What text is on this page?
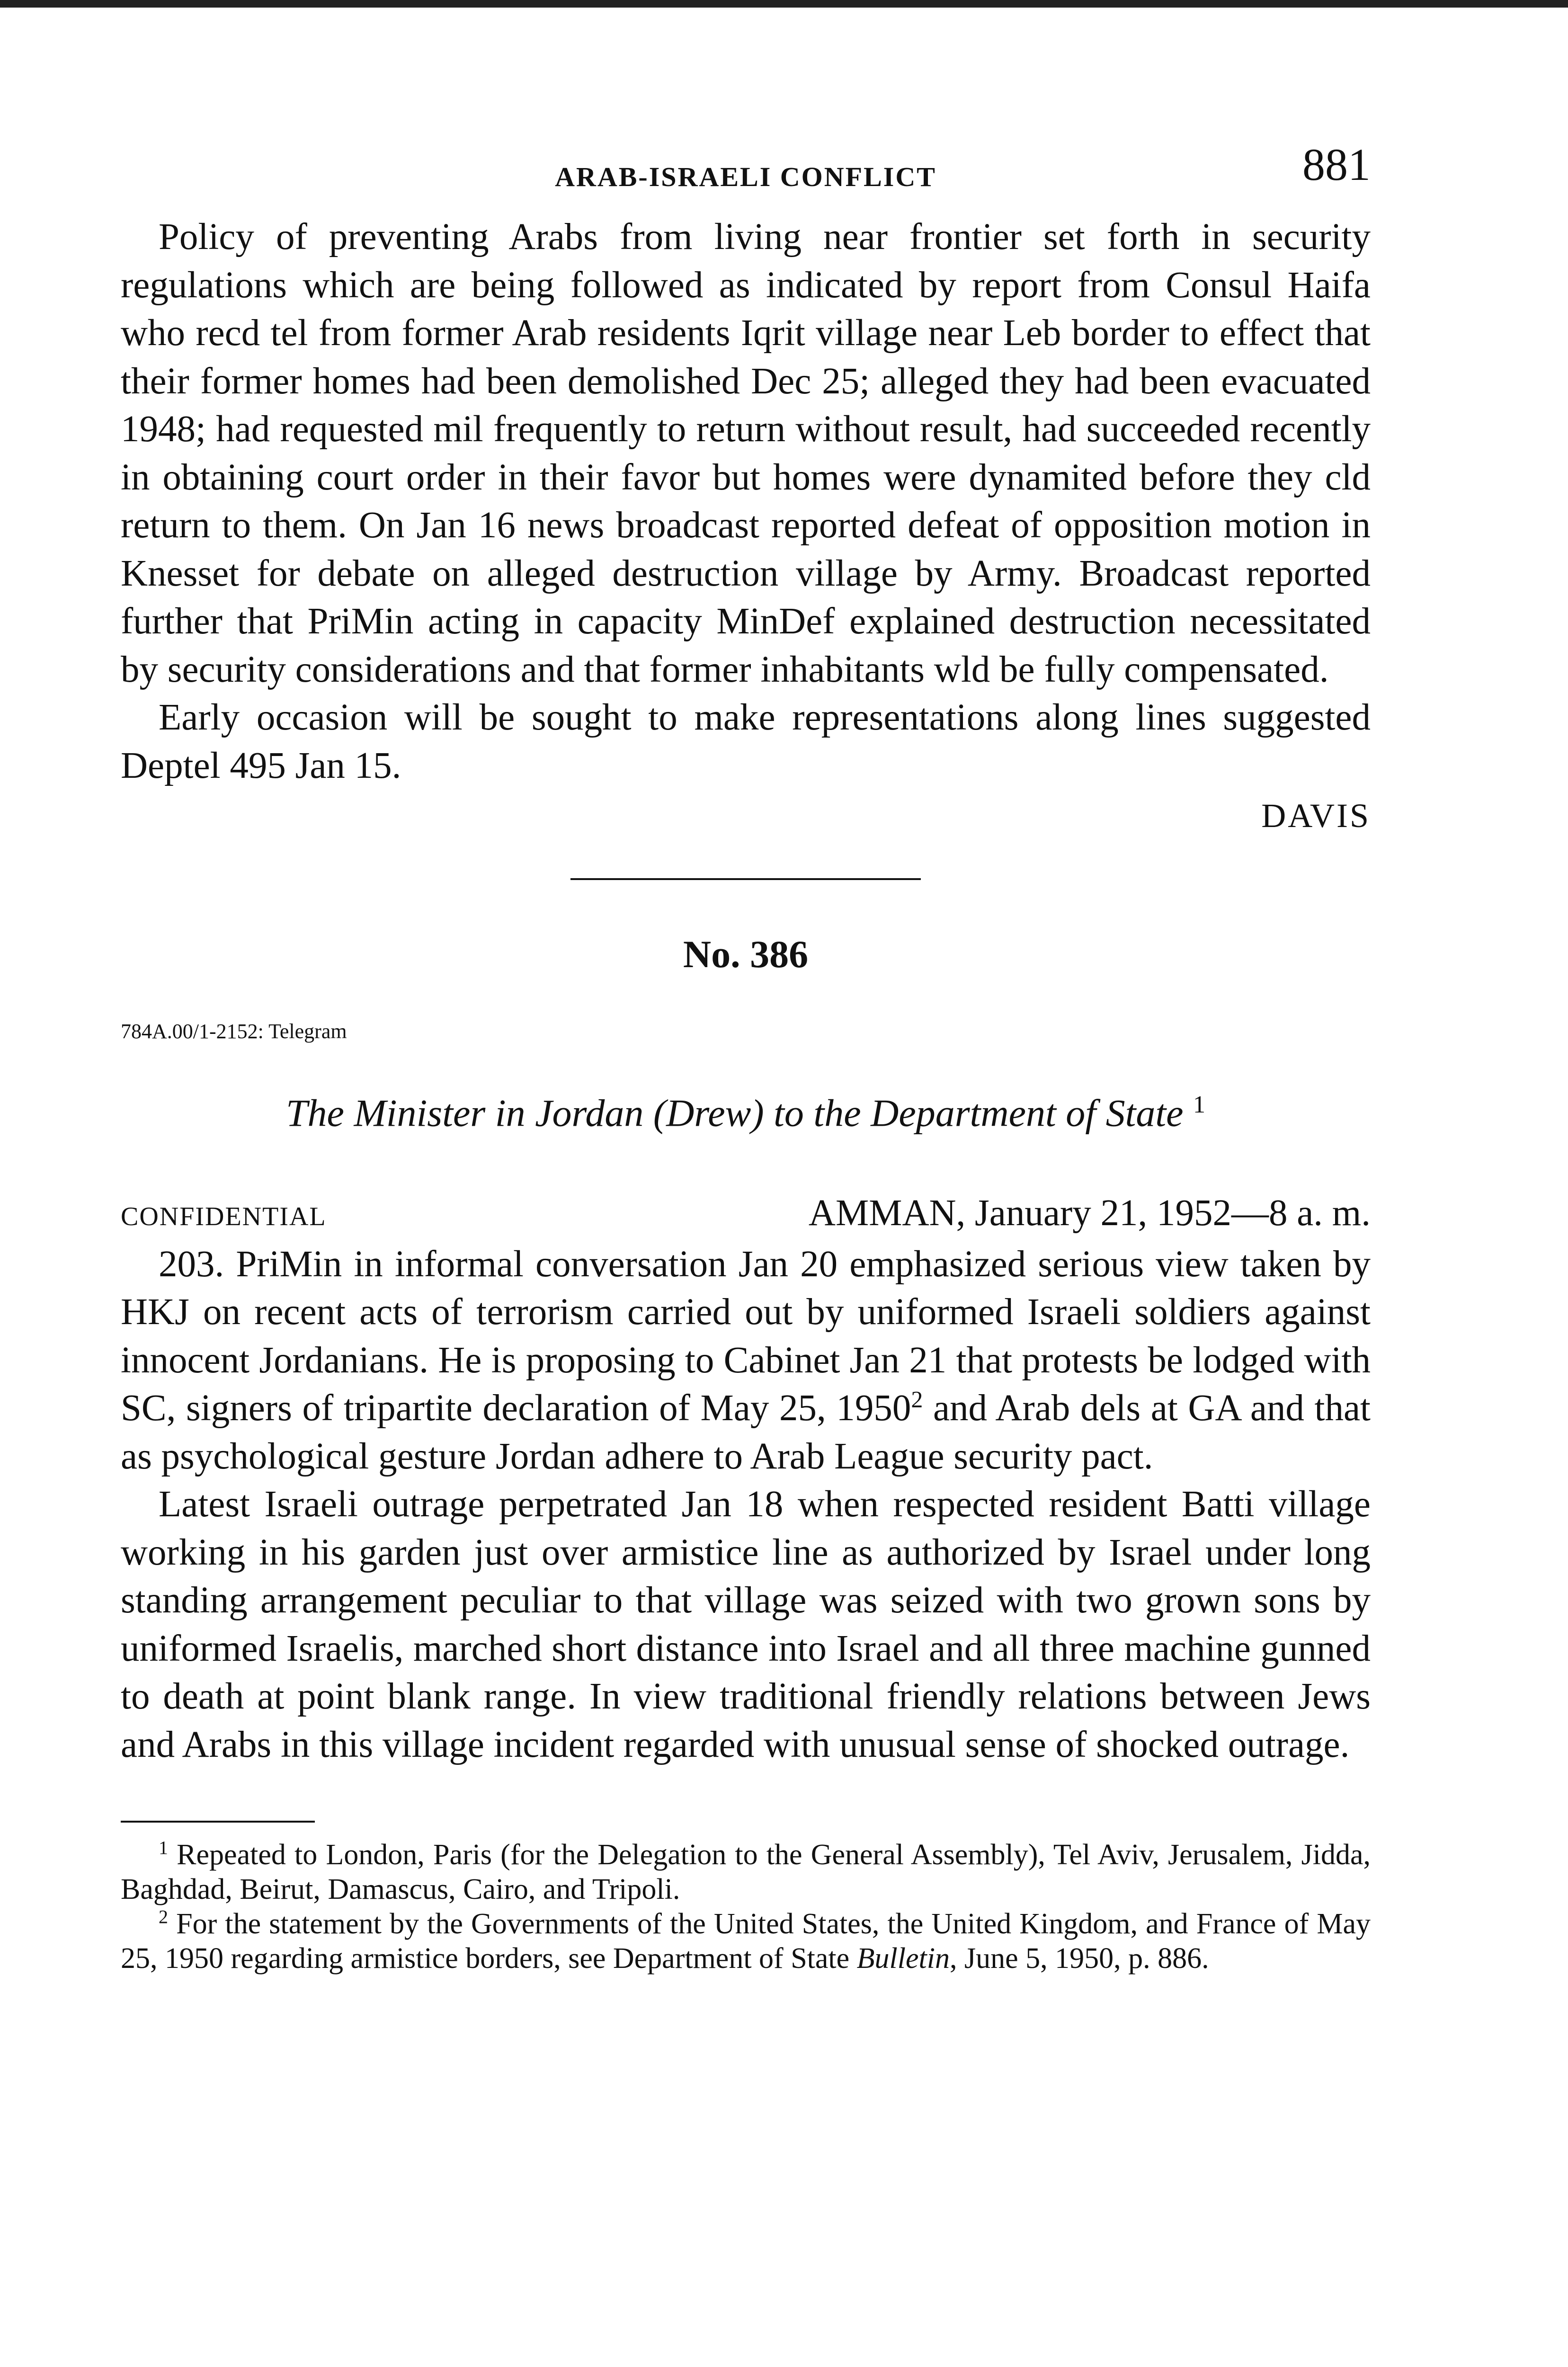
ARAB-ISRAELI CONFLICT	881

Policy of preventing Arabs from living near frontier set forth in security regulations which are being followed as indicated by report from Consul Haifa who recd tel from former Arab residents Iqrit village near Leb border to effect that their former homes had been demolished Dec 25; alleged they had been evacuated 1948; had requested mil frequently to return without result, had succeeded recently in obtaining court order in their favor but homes were dynamited before they cld return to them. On Jan 16 news broadcast reported defeat of opposition motion in Knesset for debate on alleged destruction village by Army. Broadcast reported further that PriMin acting in capacity MinDef explained destruction necessitated by security considerations and that former inhabitants wld be fully compensated.

Early occasion will be sought to make representations along lines suggested Deptel 495 Jan 15.

DAVIS
No. 386
784A.00/1-2152: Telegram
The Minister in Jordan (Drew) to the Department of State $^1$
CONFIDENTIAL	AMMAN, January 21, 1952—8 a. m.

203. PriMin in informal conversation Jan 20 emphasized serious view taken by HKJ on recent acts of terrorism carried out by uniformed Israeli soldiers against innocent Jordanians. He is proposing to Cabinet Jan 21 that protests be lodged with SC, signers of tripartite declaration of May 25, 1950$^2$ and Arab dels at GA and that as psychological gesture Jordan adhere to Arab League security pact.

Latest Israeli outrage perpetrated Jan 18 when respected resident Batti village working in his garden just over armistice line as authorized by Israel under long standing arrangement peculiar to that village was seized with two grown sons by uniformed Israelis, marched short distance into Israel and all three machine gunned to death at point blank range. In view traditional friendly relations between Jews and Arabs in this village incident regarded with unusual sense of shocked outrage.

$^1$ Repeated to London, Paris (for the Delegation to the General Assembly), Tel Aviv, Jerusalem, Jidda, Baghdad, Beirut, Damascus, Cairo, and Tripoli.

$^2$ For the statement by the Governments of the United States, the United Kingdom, and France of May 25, 1950 regarding armistice borders, see Department of State Bulletin, June 5, 1950, p. 886.
